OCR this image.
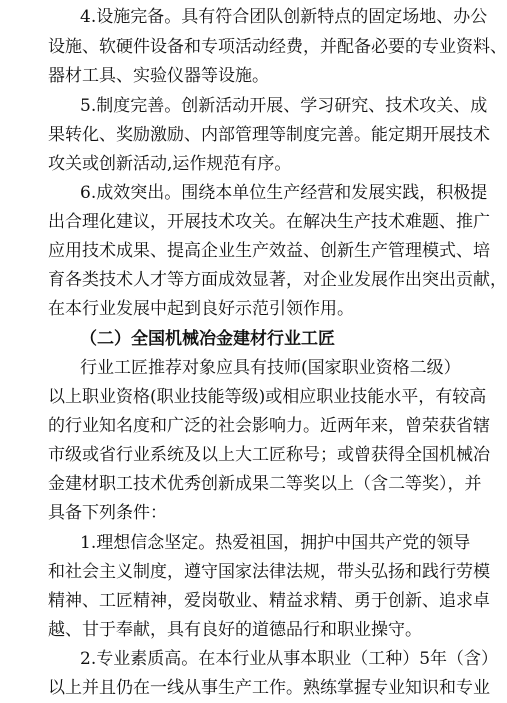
4.设施完备。具有符合团队创新特点的固定场地、办公
设施、软硬件设备和专项活动经费，并配备必要的专业资料、
器材工具、实验仪器等设施。
5.制度完善。创新活动开展、学习研究、技术攻关、成
果转化、奖励激励、内部管理等制度完善。能定期开展技术
攻关或创新活动,运作规范有序。
6.成效突出。围绕本单位生产经营和发展实践，积极提
出合理化建议，开展技术攻关。在解决生产技术难题、推广
应用技术成果、提高企业生产效益、创新生产管理模式、培
育各类技术人才等方面成效显著，对企业发展作出突出贡献，
在本行业发展中起到良好示范引领作用。
（二）全国机械冶金建材行业工匠
行业工匠推荐对象应具有技师(国家职业资格二级）
以上职业资格(职业技能等级)或相应职业技能水平，有较高
的行业知名度和广泛的社会影响力。近两年来，曾荣获省辖
市级或省行业系统及以上大工匠称号；或曾获得全国机械冶
金建材职工技术优秀创新成果二等奖以上（含二等奖），并
具备下列条件：
1.理想信念坚定。热爱祖国，拥护中国共产党的领导
和社会主义制度，遵守国家法律法规，带头弘扬和践行劳模
精神、工匠精神，爱岗敬业、精益求精、勇于创新、追求卓
越、甘于奉献，具有良好的道德品行和职业操守。
2.专业素质高。在本行业从事本职业（工种）5年（含）
以上并且仍在一线从事生产工作。熟练掌握专业知识和专业
